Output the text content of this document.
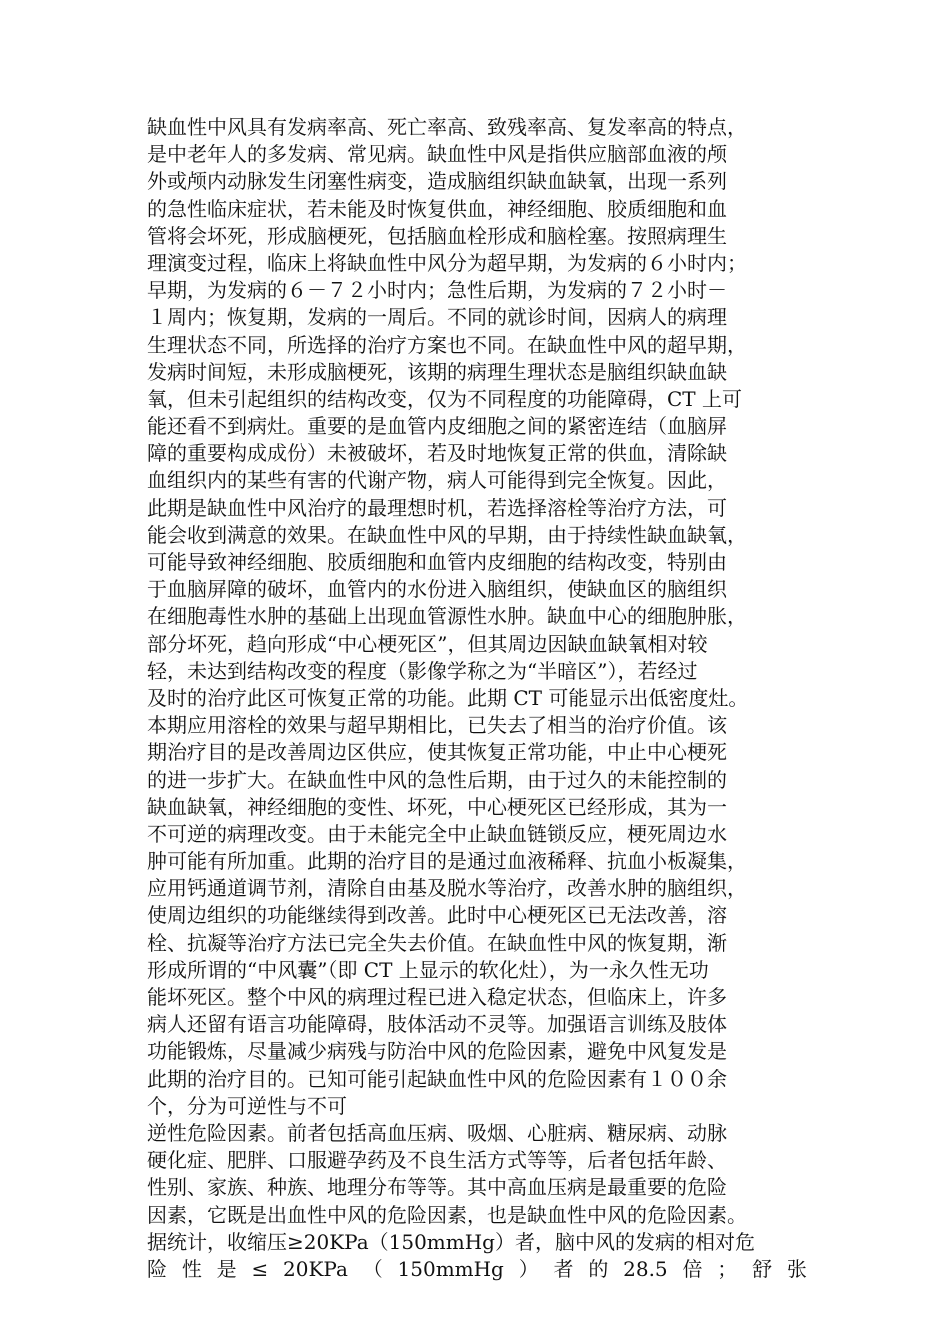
缺血性中风具有发病率高、死亡率高、致残率高、复发率高的特点，
是中老年人的多发病、常见病。缺血性中风是指供应脑部血液的颅
外或颅内动脉发生闭塞性病变，造成脑组织缺血缺氧，出现一系列
的急性临床症状，若未能及时恢复供血，神经细胞、胶质细胞和血
管将会坏死，形成脑梗死，包括脑血栓形成和脑栓塞。按照病理生
理演变过程，临床上将缺血性中风分为超早期，为发病的６小时内；
早期，为发病的６－７２小时内；急性后期，为发病的７２小时－
１周内；恢复期，发病的一周后。不同的就诊时间，因病人的病理
生理状态不同，所选择的治疗方案也不同。在缺血性中风的超早期，
发病时间短，未形成脑梗死，该期的病理生理状态是脑组织缺血缺
氧，但未引起组织的结构改变，仅为不同程度的功能障碍，CT 上可
能还看不到病灶。重要的是血管内皮细胞之间的紧密连结（血脑屏
障的重要构成成份）未被破坏，若及时地恢复正常的供血，清除缺
血组织内的某些有害的代谢产物，病人可能得到完全恢复。因此，
此期是缺血性中风治疗的最理想时机，若选择溶栓等治疗方法，可
能会收到满意的效果。在缺血性中风的早期，由于持续性缺血缺氧，
可能导致神经细胞、胶质细胞和血管内皮细胞的结构改变，特别由
于血脑屏障的破坏，血管内的水份进入脑组织，使缺血区的脑组织
在细胞毒性水肿的基础上出现血管源性水肿。缺血中心的细胞肿胀，
部分坏死，趋向形成“中心梗死区”，但其周边因缺血缺氧相对较
轻，未达到结构改变的程度（影像学称之为“半暗区”），若经过
及时的治疗此区可恢复正常的功能。此期 CT 可能显示出低密度灶。
本期应用溶栓的效果与超早期相比，已失去了相当的治疗价值。该
期治疗目的是改善周边区供应，使其恢复正常功能，中止中心梗死
的进一步扩大。在缺血性中风的急性后期，由于过久的未能控制的
缺血缺氧，神经细胞的变性、坏死，中心梗死区已经形成，其为一
不可逆的病理改变。由于未能完全中止缺血链锁反应，梗死周边水
肿可能有所加重。此期的治疗目的是通过血液稀释、抗血小板凝集，
应用钙通道调节剂，清除自由基及脱水等治疗，改善水肿的脑组织，
使周边组织的功能继续得到改善。此时中心梗死区已无法改善，溶
栓、抗凝等治疗方法已完全失去价值。在缺血性中风的恢复期，渐
形成所谓的“中风囊”（即 CT 上显示的软化灶），为一永久性无功
能坏死区。整个中风的病理过程已进入稳定状态，但临床上，许多
病人还留有语言功能障碍，肢体活动不灵等。加强语言训练及肢体
功能锻炼，尽量减少病残与防治中风的危险因素，避免中风复发是
此期的治疗目的。已知可能引起缺血性中风的危险因素有１００余
个，分为可逆性与不可
逆性危险因素。前者包括高血压病、吸烟、心脏病、糖尿病、动脉
硬化症、肥胖、口服避孕药及不良生活方式等等，后者包括年龄、
性别、家族、种族、地理分布等等。其中高血压病是最重要的危险
因素，它既是出血性中风的危险因素，也是缺血性中风的危险因素。
据统计，收缩压≥20KPa（150mmHg）者，脑中风的发病的相对危
险 性 是 ≤ 20KPa （ 150mmHg ） 者 的 28.5 倍 ； 舒 张
